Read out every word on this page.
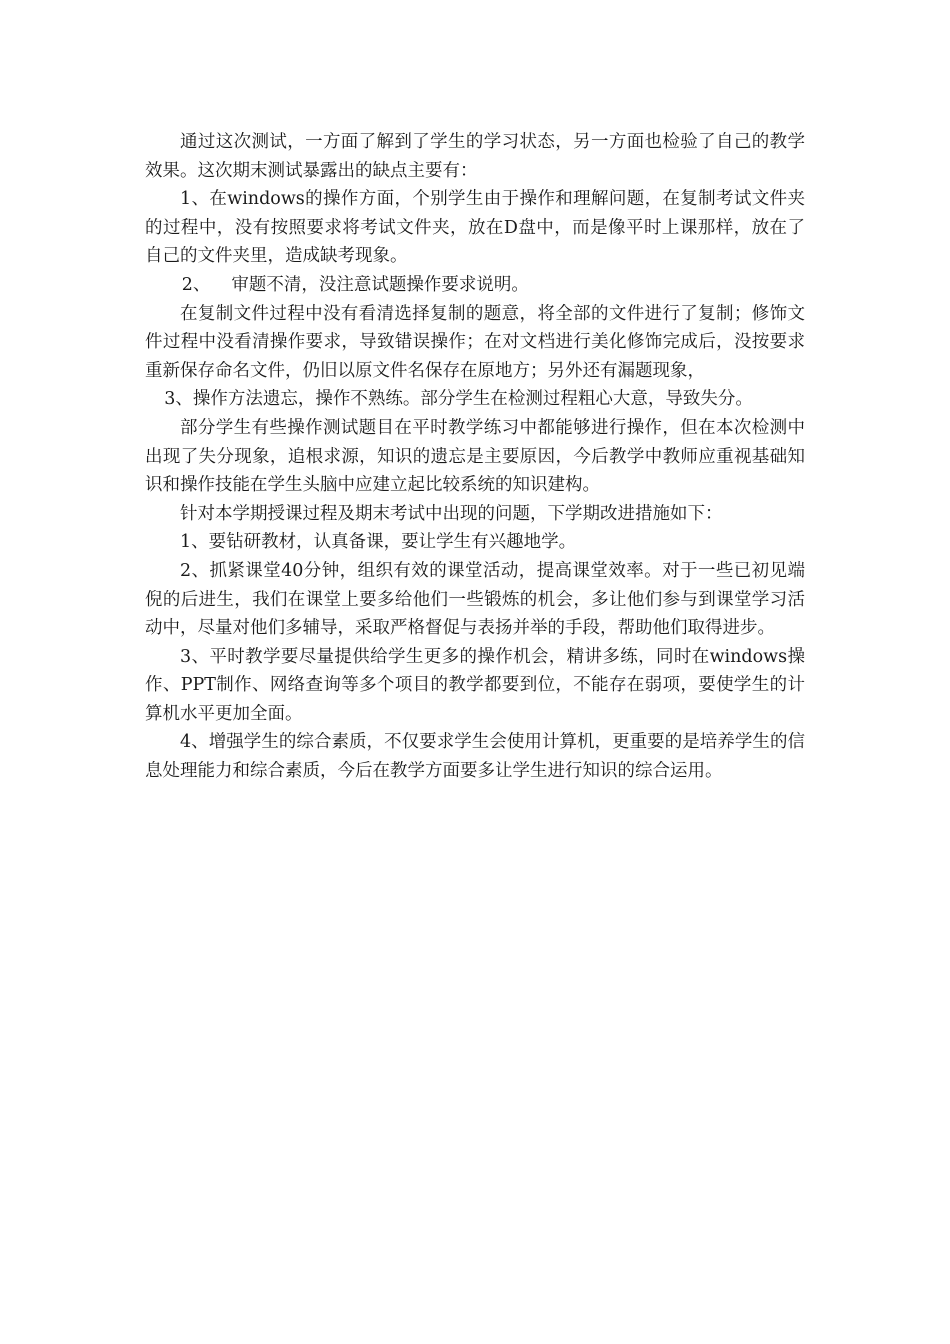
通过这次测试，一方面了解到了学生的学习状态，另一方面也检验了自己的教学效果。这次期末测试暴露出的缺点主要有：

1、在windows的操作方面，个别学生由于操作和理解问题，在复制考试文件夹的过程中，没有按照要求将考试文件夹，放在D盘中，而是像平时上课那样，放在了自己的文件夹里，造成缺考现象。

2、 审题不清，没注意试题操作要求说明。

在复制文件过程中没有看清选择复制的题意，将全部的文件进行了复制；修饰文件过程中没看清操作要求，导致错误操作；在对文档进行美化修饰完成后，没按要求重新保存命名文件，仍旧以原文件名保存在原地方；另外还有漏题现象，

3、操作方法遗忘，操作不熟练。部分学生在检测过程粗心大意，导致失分。

部分学生有些操作测试题目在平时教学练习中都能够进行操作，但在本次检测中出现了失分现象，追根求源，知识的遗忘是主要原因，今后教学中教师应重视基础知识和操作技能在学生头脑中应建立起比较系统的知识建构。

针对本学期授课过程及期末考试中出现的问题，下学期改进措施如下：

1、要钻研教材，认真备课，要让学生有兴趣地学。

2、抓紧课堂40分钟，组织有效的课堂活动，提高课堂效率。对于一些已初见端倪的后进生，我们在课堂上要多给他们一些锻炼的机会，多让他们参与到课堂学习活动中，尽量对他们多辅导，采取严格督促与表扬并举的手段，帮助他们取得进步。

3、平时教学要尽量提供给学生更多的操作机会，精讲多练，同时在windows操作、PPT制作、网络查询等多个项目的教学都要到位，不能存在弱项，要使学生的计算机水平更加全面。

4、增强学生的综合素质，不仅要求学生会使用计算机，更重要的是培养学生的信息处理能力和综合素质，今后在教学方面要多让学生进行知识的综合运用。
